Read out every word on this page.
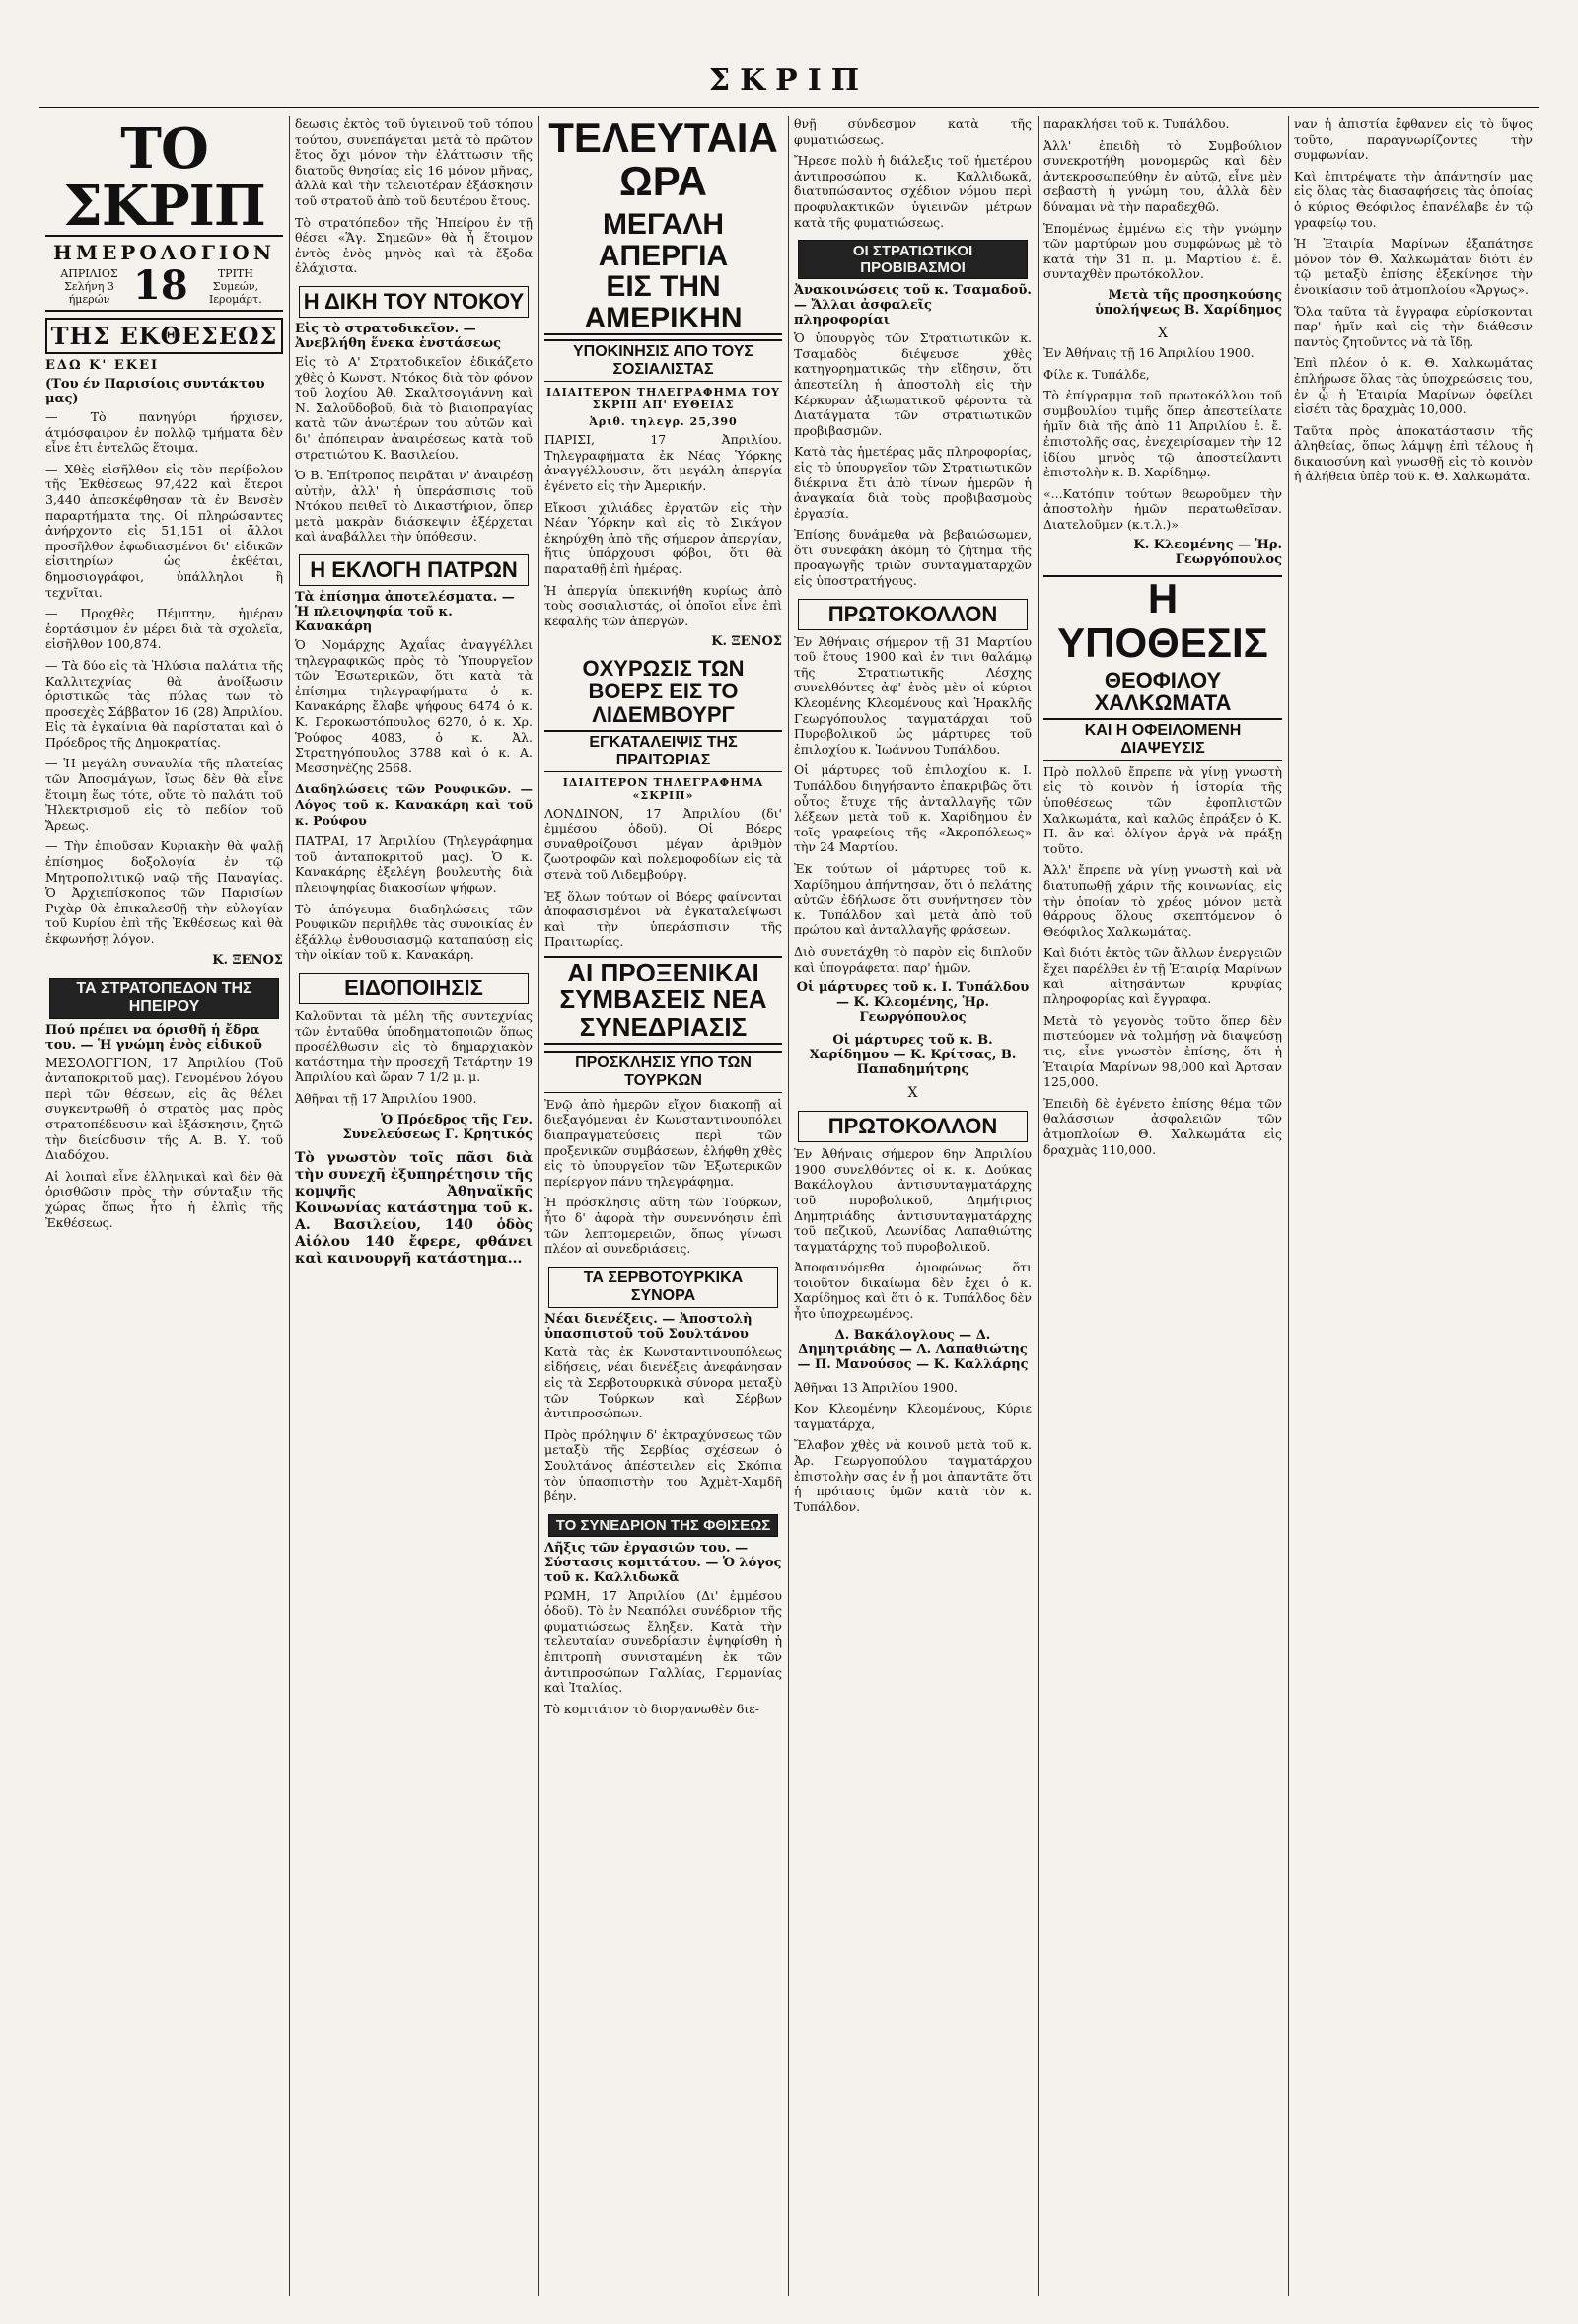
ΣΚΡΙΠ
ΤΟ ΣΚΡΙΠ
ΗΜΕΡΟΛΟΓΙΟΝ
ΑΠΡΙΛΙΟΣ
Σελήνη 3 ήμερών 18	ΤΡΙΤΗ
Συμεών, Ιερομάρτ.
ΤΗΣ ΕΚΘΕΣΕΩΣ
ΕΔΩ Κ' ΕΚΕΙ
(Του έν Παρισίοις συντάκτου μας)

— Τὸ πανηγύρι ήρχισεν, άτμόσφαιρον ἐν πολλῷ τμήματα δὲν εἶνε ἐτι ἐντελῶς ἕτοιμα.

— Χθὲς εἰσῆλθον εἰς τὸν περίβολον τῆς Ἐκθέσεως 97,422 καὶ ἕτεροι 3,440 ἀπεσκέφθησαν τὰ ἐν Βενσὲν παραρτήματα της. Οἱ πληρώσαντες ἀνήρχοντο εἰς 51,151 οἱ ἄλλοι προσῆλθον ἐφωδιασμένοι δι' εἰδικῶν εἰσιτηρίων ὡς ἐκθέται, δημοσιογράφοι, ὑπάλληλοι ἢ τεχνῖται.

— Προχθὲς Πέμπτην, ἡμέραν ἑορτάσιμον ἐν μέρει διὰ τὰ σχολεῖα, εἰσῆλθον 100,874.

— Τὰ δύο εἰς τὰ Ἠλύσια παλάτια τῆς Καλλιτεχνίας θὰ ἀνοίξωσιν ὁριστικῶς τὰς πύλας των τὸ προσεχὲς Σάββατον 16 (28) Ἀπριλίου. Εἰς τὰ ἐγκαίνια θὰ παρίσταται καὶ ὁ Πρόεδρος τῆς Δημοκρατίας.

— Ἡ μεγάλη συναυλία τῆς πλατείας τῶν Ἀποσμάγων, ἴσως δὲν θὰ εἶνε ἕτοιμη ἕως τότε, οὔτε τὸ παλάτι τοῦ Ἠλεκτρισμοῦ εἰς τὸ πεδίον τοῦ Ἄρεως.

— Τὴν ἐπιοῦσαν Κυριακὴν θὰ ψαλῇ ἐπίσημος δοξολογία ἐν τῷ Μητροπολιτικῷ ναῷ τῆς Παναγίας. Ὁ Ἀρχιεπίσκοπος τῶν Παρισίων Ριχὰρ θὰ ἐπικαλεσθῇ τὴν εὐλογίαν τοῦ Κυρίου ἐπὶ τῆς Ἐκθέσεως καὶ θὰ ἐκφωνήσῃ λόγον.

Κ. ΞΕΝΟΣ
ΤΑ ΣΤΡΑΤΟΠΕΔΟΝ ΤΗΣ ΗΠΕΙΡΟΥ
Πού πρέπει να όρισθῆ ἡ ἔδρα του. — Ἡ γνώμη ἑνὸς εἰδικοῦ

ΜΕΣΟΛΟΓΓΙΟΝ, 17 Ἀπριλίου (Τοῦ ἀνταποκριτοῦ μας). Γενομένου λόγου περὶ τῶν θέσεων, εἰς ἃς θέλει συγκεντρωθῆ ὁ στρατὸς μας πρὸς στρατοπέδευσιν καὶ ἐξάσκησιν, ζητῶ τὴν διείσδυσιν τῆς Α. Β. Υ. τοῦ Διαδόχου.

Αἱ λοιπαὶ εἶνε ἑλληνικαὶ καὶ δὲν θὰ ὁρισθῶσιν πρὸς τὴν σύνταξιν τῆς χώρας ὅπως ἦτο ἡ ἐλπὶς τῆς Ἐκθέσεως.

δεωσις ἐκτὸς τοῦ ὑγιεινοῦ τοῦ τόπου τούτου, συνεπάγεται μετὰ τὸ πρῶτον ἔτος ὄχι μόνον τὴν ἐλάττωσιν τῆς διατοῦς θνησίας εἰς 16 μόνον μῆνας, ἀλλὰ καὶ τὴν τελειοτέραν ἐξάσκησιν τοῦ στρατοῦ ἀπὸ τοῦ δευτέρου ἔτους.

Τὸ στρατόπεδον τῆς Ἠπείρου ἐν τῇ θέσει «Ἅγ. Σημεῶν» θὰ ἦ ἕτοιμον ἐντὸς ἑνὸς μηνὸς καὶ τὰ ἔξοδα ἐλάχιστα.

Η ΔΙΚΗ ΤΟΥ ΝΤΟΚΟΥ
Εἰς τὸ στρατοδικεῖον. — Ἀνεβλήθη ἕνεκα ἐνστάσεως

Εἰς τὸ Α' Στρατοδικεῖον ἐδικάζετο χθὲς ὁ Κωνστ. Ντόκος διὰ τὸν φόνον τοῦ λοχίου Ἀθ. Σκαλτσογιάννη καὶ Ν. Σαλοῦδοβοῦ, διὰ τὸ βιαιοπραγίας κατὰ τῶν ἀνωτέρων του αὐτῶν καὶ δι' ἀπόπειραν ἀναιρέσεως κατὰ τοῦ στρατιώτου Κ. Βασιλείου.

Ὁ Β. Ἐπίτροπος πειρᾶται ν' ἀναιρέσῃ αὐτὴν, ἀλλ' ἡ ὑπεράσπισις τοῦ Ντόκου πειθεῖ τὸ Δικαστήριον, ὅπερ μετὰ μακρὰν διάσκεψιν ἐξέρχεται καὶ ἀναβάλλει τὴν ὑπόθεσιν.

Η ΕΚΛΟΓΗ ΠΑΤΡΩΝ
Τὰ ἐπίσημα ἀποτελέσματα. — Ἡ πλειοψηφία τοῦ κ. Κανακάρη

Ὁ Νομάρχης Ἀχαΐας ἀναγγέλλει τηλεγραφικῶς πρὸς τὸ Ὑπουργεῖον τῶν Ἐσωτερικῶν, ὅτι κατὰ τὰ ἐπίσημα τηλεγραφήματα ὁ κ. Κανακάρης ἔλαβε ψήφους 6474 ὁ κ. Κ. Γεροκωστόπουλος 6270, ὁ κ. Χρ. Ῥούφος 4083, ὁ κ. Ἀλ. Στρατηγόπουλος 3788 καὶ ὁ κ. Α. Μεσσηνέζης 2568.

Διαδηλώσεις τῶν Ρουφικῶν. — Λόγος τοῦ κ. Κανακάρη καὶ τοῦ κ. Ρούφου

ΠΑΤΡΑΙ, 17 Ἀπριλίου (Τηλεγράφημα τοῦ ἀνταποκριτοῦ μας). Ὁ κ. Κανακάρης ἐξελέγη βουλευτὴς διὰ πλειοψηφίας διακοσίων ψήφων.

Τὸ ἀπόγευμα διαδηλώσεις τῶν Ρουφικῶν περιῆλθε τὰς συνοικίας ἐν ἐξάλλῳ ἐνθουσιασμῷ καταπαύσῃ εἰς τὴν οἰκίαν τοῦ κ. Κανακάρη.

ΕΙΔΟΠΟΙΗΣΙΣ

Καλοῦνται τὰ μέλη τῆς συντεχνίας τῶν ἐνταῦθα ὑποδηματοποιῶν ὅπως προσέλθωσιν εἰς τὸ δημαρχιακὸν κατάστημα τὴν προσεχῆ Τετάρτην 19 Ἀπριλίου καὶ ὥραν 7 1/2 μ. μ.

Ἀθῆναι τῇ 17 Ἀπριλίου 1900.

Ὁ Πρόεδρος τῆς Γεν. Συνελεύσεως Γ. Κρητικός

Τὸ γνωστὸν τοῖς πᾶσι διὰ τὴν συνεχῆ ἐξυπηρέτησιν τῆς κομψῆς Ἀθηναϊκῆς Κοινωνίας κατάστημα τοῦ κ. Α. Βασιλείου, 140 ὁδὸς Αἰόλου 140 ἔφερε, φθάνει καὶ καινουργῆ κατάστημα...

ΤΕΛΕΥΤΑΙΑ ΩΡΑ
ΜΕΓΑΛΗ ΑΠΕΡΓΙΑ
ΕΙΣ ΤΗΝ ΑΜΕΡΙΚΗΝ
ΥΠΟΚΙΝΗΣΙΣ ΑΠΟ ΤΟΥΣ ΣΟΣΙΑΛΙΣΤΑΣ
ΙΔΙΑΙΤΕΡΟΝ ΤΗΛΕΓΡΑΦΗΜΑ ΤΟΥ ΣΚΡΙΠ ΑΠ' ΕΥΘΕΙΑΣ
Ἀριθ. τηλεγρ. 25,390

ΠΑΡΙΣΙ, 17 Ἀπριλίου. Τηλεγραφήματα ἐκ Νέας Ὑόρκης ἀναγγέλλουσιν, ὅτι μεγάλη ἀπεργία ἐγένετο εἰς τὴν Ἀμερικήν.

Εἴκοσι χιλιάδες ἐργατῶν εἰς τὴν Νέαν Ὑόρκην καὶ εἰς τὸ Σικάγον ἐκηρύχθη ἀπὸ τῆς σήμερον ἀπεργίαν, ἥτις ὑπάρχουσι φόβοι, ὅτι θὰ παραταθῇ ἐπὶ ἡμέρας.

Ἡ ἀπεργία ὑπεκινήθη κυρίως ἀπὸ τοὺς σοσιαλιστάς, οἱ ὁποῖοι εἶνε ἐπὶ κεφαλῆς τῶν ἀπεργῶν.

Κ. ΞΕΝΟΣ
ΟΧΥΡΩΣΙΣ ΤΩΝ ΒΟΕΡΣ ΕΙΣ ΤΟ ΛΙΔΕΜΒΟΥΡΓ
ΕΓΚΑΤΑΛΕΙΨΙΣ ΤΗΣ ΠΡΑΙΤΩΡΙΑΣ
ΙΔΙΑΙΤΕΡΟΝ ΤΗΛΕΓΡΑΦΗΜΑ «ΣΚΡΙΠ»

ΛΟΝΔΙΝΟΝ, 17 Ἀπριλίου (δι' ἐμμέσου ὁδοῦ). Οἱ Βόερς συναθροίζουσι μέγαν ἀριθμὸν ζωοτροφῶν καὶ πολεμοφοδίων εἰς τὰ στενὰ τοῦ Λιδεμβούργ.

Ἐξ ὅλων τούτων οἱ Βόερς φαίνονται ἀποφασισμένοι νὰ ἐγκαταλείψωσι καὶ τὴν ὑπεράσπισιν τῆς Πραιτωρίας.

ΑΙ ΠΡΟΞΕΝΙΚΑΙ ΣΥΜΒΑΣΕΙΣ ΝΕΑ ΣΥΝΕΔΡΙΑΣΙΣ
ΠΡΟΣΚΛΗΣΙΣ ΥΠΟ ΤΩΝ ΤΟΥΡΚΩΝ

Ἐνῷ ἀπὸ ἡμερῶν εἴχον διακοπῇ αἱ διεξαγόμεναι ἐν Κωνσταντινουπόλει διαπραγματεύσεις περὶ τῶν προξενικῶν συμβάσεων, ἐλήφθη χθὲς εἰς τὸ ὑπουργεῖον τῶν Ἐξωτερικῶν περίεργον πάνυ τηλεγράφημα.

Ἡ πρόσκλησις αὕτη τῶν Τούρκων, ἦτο δ' ἀφορὰ τὴν συνεννόησιν ἐπὶ τῶν λεπτομερειῶν, ὅπως γίνωσι πλέον αἱ συνεδριάσεις.

ΤΑ ΣΕΡΒΟΤΟΥΡΚΙΚΑ ΣΥΝΟΡΑ
Νέαι διενέξεις. — Ἀποστολὴ ὑπασπιστοῦ τοῦ Σουλτάνου

Κατὰ τὰς ἐκ Κωνσταντινουπόλεως εἰδήσεις, νέαι διενέξεις ἀνεφάνησαν εἰς τὰ Σερβοτουρκικὰ σύνορα μεταξὺ τῶν Τούρκων καὶ Σέρβων ἀντιπροσώπων.

Πρὸς πρόληψιν δ' ἐκτραχύνσεως τῶν μεταξὺ τῆς Σερβίας σχέσεων ὁ Σουλτάνος ἀπέστειλεν εἰς Σκόπια τὸν ὑπασπιστὴν του Ἀχμὲτ-Χαμδῆ βέην.

ΤΟ ΣΥΝΕΔΡΙΟΝ ΤΗΣ ΦΘΙΣΕΩΣ
Λῆξις τῶν ἐργασιῶν του. — Σύστασις κομιτάτου. — Ὁ λόγος τοῦ κ. Καλλιδωκᾶ

ΡΩΜΗ, 17 Ἀπριλίου (Δι' ἐμμέσου ὁδοῦ). Τὸ ἐν Νεαπόλει συνέδριον τῆς φυματιώσεως ἔληξεν. Κατὰ τὴν τελευταίαν συνεδρίασιν ἐψηφίσθη ἡ ἐπιτροπὴ συνισταμένη ἐκ τῶν ἀντιπροσώπων Γαλλίας, Γερμανίας καὶ Ἰταλίας.

Τὸ κομιτάτον τὸ διοργανωθὲν διε-

θνῇ σύνδεσμον κατὰ τῆς φυματιώσεως.

Ἤρεσε πολὺ ἡ διάλεξις τοῦ ἡμετέρου ἀντιπροσώπου κ. Καλλιδωκᾶ, διατυπώσαντος σχέδιον νόμου περὶ προφυλακτικῶν ὑγιεινῶν μέτρων κατὰ τῆς φυματιώσεως.

ΟΙ ΣΤΡΑΤΙΩΤΙΚΟΙ ΠΡΟΒΙΒΑΣΜΟΙ
Ἀνακοινώσεις τοῦ κ. Τσαμαδοῦ. — Ἄλλαι ἀσφαλεῖς πληροφορίαι

Ὁ ὑπουργὸς τῶν Στρατιωτικῶν κ. Τσαμαδὸς διέψευσε χθὲς κατηγορηματικῶς τὴν εἴδησιν, ὅτι ἀπεστείλη ἡ ἀποστολὴ εἰς τὴν Κέρκυραν ἀξιωματικοῦ φέροντα τὰ Διατάγματα τῶν στρατιωτικῶν προβιβασμῶν.

Κατὰ τὰς ἡμετέρας μᾶς πληροφορίας, εἰς τὸ ὑπουργεῖον τῶν Στρατιωτικῶν διέκρινα ἔτι ἀπὸ τίνων ἡμερῶν ἡ ἀναγκαία διὰ τοὺς προβιβασμοὺς ἐργασία.

Ἐπίσης δυνάμεθα νὰ βεβαιώσωμεν, ὅτι συνεφάκη ἀκόμη τὸ ζήτημα τῆς προαγωγῆς τριῶν συνταγματαρχῶν εἰς ὑποστρατήγους.

ΠΡΩΤΟΚΟΛΛΟΝ

Ἐν Ἀθήναις σήμερον τῇ 31 Μαρτίου τοῦ ἔτους 1900 καὶ ἐν τινι θαλάμῳ τῆς Στρατιωτικῆς Λέσχης συνελθόντες ἀφ' ἑνὸς μὲν οἱ κύριοι Κλεομένης Κλεομένους καὶ Ἡρακλῆς Γεωργόπουλος ταγματάρχαι τοῦ Πυροβολικοῦ ὡς μάρτυρες τοῦ ἐπιλοχίου κ. Ἰωάννου Τυπάλδου.

Οἱ μάρτυρες τοῦ ἐπιλοχίου κ. Ι. Τυπάλδου διηγήσαντο ἐπακριβῶς ὅτι οὗτος ἔτυχε τῆς ἀνταλλαγῆς τῶν λέξεων μετὰ τοῦ κ. Χαρίδημου ἐν τοῖς γραφείοις τῆς «Ἀκροπόλεως» τὴν 24 Μαρτίου.

Ἐκ τούτων οἱ μάρτυρες τοῦ κ. Χαρίδημου ἀπήντησαν, ὅτι ὁ πελάτης αὐτῶν ἐδήλωσε ὅτι συνήντησεν τὸν κ. Τυπάλδον καὶ μετὰ ἀπὸ τοῦ πρώτου καὶ ἀνταλλαγῆς φράσεων.

Διὸ συνετάχθη τὸ παρὸν εἰς διπλοῦν καὶ ὑπογράφεται παρ' ἡμῶν.

Οἱ μάρτυρες τοῦ κ. Ι. Τυπάλδου — Κ. Κλεομένης, Ἡρ. Γεωργόπουλος
Οἱ μάρτυρες τοῦ κ. Β. Χαρίδημου — Κ. Κρίτσας, Β. Παπαδημήτρης
Χ
ΠΡΩΤΟΚΟΛΛΟΝ

Ἐν Ἀθήναις σήμερον 6ην Ἀπριλίου 1900 συνελθόντες οἱ κ. κ. Δούκας Βακάλογλου ἀντισυνταγματάρχης τοῦ πυροβολικοῦ, Δημήτριος Δημητριάδης ἀντισυνταγματάρχης τοῦ πεζικοῦ, Λεωνίδας Λαπαθιώτης ταγματάρχης τοῦ πυροβολικοῦ.

Ἀποφαινόμεθα ὁμοφώνως ὅτι τοιοῦτον δικαίωμα δὲν ἔχει ὁ κ. Χαρίδημος καὶ ὅτι ὁ κ. Τυπάλδος δὲν ἦτο ὑποχρεωμένος.

Δ. Βακάλογλους — Δ. Δημητριάδης — Λ. Λαπαθιώτης — Π. Μανούσος — Κ. Καλλάρης

Ἀθῆναι 13 Ἀπριλίου 1900.

Κον Κλεομένην Κλεομένους, Κύριε ταγματάρχα,

Ἔλαβον χθὲς νὰ κοινοῦ μετὰ τοῦ κ. Ἀρ. Γεωργοπούλου ταγματάρχου ἐπιστολὴν σας ἐν ᾗ μοι ἀπαντᾶτε ὅτι ἡ πρότασις ὑμῶν κατὰ τὸν κ. Τυπάλδον.

παρακλήσει τοῦ κ. Τυπάλδου.

Ἀλλ' ἐπειδὴ τὸ Συμβούλιον συνεκροτήθη μονομερῶς καὶ δὲν ἀντεκροσωπεύθην ἐν αὐτῷ, εἶνε μὲν σεβαστὴ ἡ γνώμη του, ἀλλὰ δὲν δύναμαι νὰ τὴν παραδεχθῶ.

Ἑπομένως ἐμμένω εἰς τὴν γνώμην τῶν μαρτύρων μου συμφώνως μὲ τὸ κατὰ τὴν 31 π. μ. Μαρτίου ἐ. ἔ. συνταχθὲν πρωτόκολλον.

Μετὰ τῆς προσηκούσης ὑπολήψεως Β. Χαρίδημος
Χ

Ἐν Ἀθήναις τῇ 16 Ἀπριλίου 1900.

Φίλε κ. Τυπάλδε,

Τὸ ἐπίγραμμα τοῦ πρωτοκόλλου τοῦ συμβουλίου τιμῆς ὅπερ ἀπεστείλατε ἡμῖν διὰ τῆς ἀπὸ 11 Ἀπριλίου ἐ. ἔ. ἐπιστολῆς σας, ἐνεχειρίσαμεν τὴν 12 ἰδίου μηνὸς τῷ ἀποστείλαντι ἐπιστολὴν κ. Β. Χαρίδημῳ.

«...Κατόπιν τούτων θεωροῦμεν τὴν ἀποστολὴν ἡμῶν περατωθεῖσαν. Διατελοῦμεν (κ.τ.λ.)»

Κ. Κλεομένης — Ἡρ. Γεωργόπουλος
Η ΥΠΟΘΕΣΙΣ
ΘΕΟΦΙΛΟΥ ΧΑΛΚΩΜΑΤΑ
ΚΑΙ Η ΟΦΕΙΛΟΜΕΝΗ ΔΙΑΨΕΥΣΙΣ

Πρὸ πολλοῦ ἔπρεπε νὰ γίνῃ γνωστὴ εἰς τὸ κοινὸν ἡ ἱστορία τῆς ὑποθέσεως τῶν ἐφοπλιστῶν Χαλκωμάτα, καὶ καλῶς ἐπράξεν ὁ Κ. Π. ἂν καὶ ὀλίγον ἀργὰ νὰ πράξῃ τοῦτο.

Ἀλλ' ἔπρεπε νὰ γίνῃ γνωστὴ καὶ νὰ διατυπωθῇ χάριν τῆς κοινωνίας, εἰς τὴν ὁποίαν τὸ χρέος μόνον μετὰ θάρρους ὅλους σκεπτόμενον ὁ Θεόφιλος Χαλκωμάτας.

Καὶ διότι ἐκτὸς τῶν ἄλλων ἐνεργειῶν ἔχει παρέλθει ἐν τῇ Ἑταιρίᾳ Μαρίνων καὶ αἰτησάντων κρυφίας πληροφορίας καὶ ἔγγραφα.

Μετὰ τὸ γεγονὸς τοῦτο ὅπερ δὲν πιστεύομεν νὰ τολμήσῃ νὰ διαψεύσῃ τις, εἶνε γνωστὸν ἐπίσης, ὅτι ἡ Ἑταιρία Μαρίνων 98,000 καὶ Ἀρτσαν 125,000.

Ἐπειδὴ δὲ ἐγένετο ἐπίσης θέμα τῶν θαλάσσιων ἀσφαλειῶν τῶν ἀτμοπλοίων Θ. Χαλκωμάτα εἰς δραχμὰς 110,000.

ναν ἡ ἀπιστία ἔφθανεν εἰς τὸ ὕψος τοῦτο, παραγνωρίζοντες τὴν συμφωνίαν.

Καὶ ἐπιτρέψατε τὴν ἀπάντησίν μας εἰς ὅλας τὰς διασαφήσεις τὰς ὁποίας ὁ κύριος Θεόφιλος ἐπανέλαβε ἐν τῷ γραφείῳ του.

Ἡ Ἑταιρία Μαρίνων ἐξαπάτησε μόνον τὸν Θ. Χαλκωμάταν διότι ἐν τῷ μεταξὺ ἐπίσης ἐξεκίνησε τὴν ἐνοικίασιν τοῦ ἀτμοπλοίου «Ἄργως».

Ὅλα ταῦτα τὰ ἔγγραφα εὑρίσκονται παρ' ἡμῖν καὶ εἰς τὴν διάθεσιν παντὸς ζητοῦντος νὰ τὰ ἴδῃ.

Ἐπὶ πλέον ὁ κ. Θ. Χαλκωμάτας ἐπλήρωσε ὅλας τὰς ὑποχρεώσεις του, ἐν ᾧ ἡ Ἑταιρία Μαρίνων ὀφείλει εἰσέτι τὰς δραχμὰς 10,000.

Ταῦτα πρὸς ἀποκατάστασιν τῆς ἀληθείας, ὅπως λάμψῃ ἐπὶ τέλους ἡ δικαιοσύνη καὶ γνωσθῇ εἰς τὸ κοινὸν ἡ ἀλήθεια ὑπὲρ τοῦ κ. Θ. Χαλκωμάτα.
